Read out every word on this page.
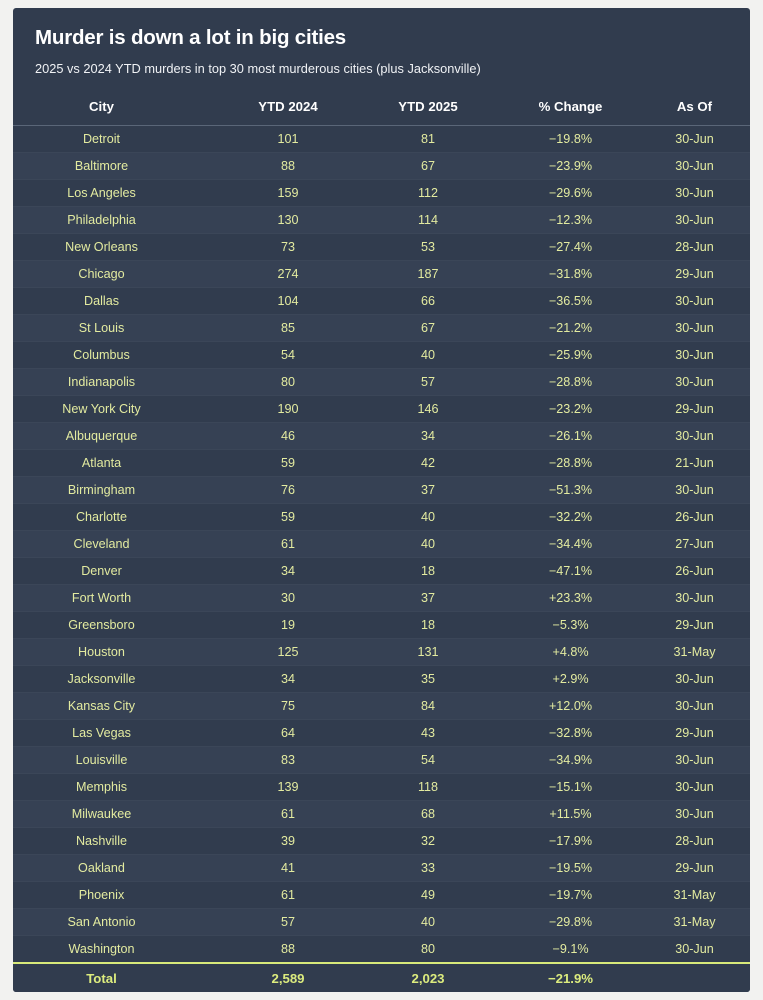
Murder is down a lot in big cities
2025 vs 2024 YTD murders in top 30 most murderous cities (plus Jacksonville)
City	YTD 2024	YTD 2025	% Change	As Of
Detroit	101	81	−19.8%	30-Jun
Baltimore	88	67	−23.9%	30-Jun
Los Angeles	159	112	−29.6%	30-Jun
Philadelphia	130	114	−12.3%	30-Jun
New Orleans	73	53	−27.4%	28-Jun
Chicago	274	187	−31.8%	29-Jun
Dallas	104	66	−36.5%	30-Jun
St Louis	85	67	−21.2%	30-Jun
Columbus	54	40	−25.9%	30-Jun
Indianapolis	80	57	−28.8%	30-Jun
New York City	190	146	−23.2%	29-Jun
Albuquerque	46	34	−26.1%	30-Jun
Atlanta	59	42	−28.8%	21-Jun
Birmingham	76	37	−51.3%	30-Jun
Charlotte	59	40	−32.2%	26-Jun
Cleveland	61	40	−34.4%	27-Jun
Denver	34	18	−47.1%	26-Jun
Fort Worth	30	37	+23.3%	30-Jun
Greensboro	19	18	−5.3%	29-Jun
Houston	125	131	+4.8%	31-May
Jacksonville	34	35	+2.9%	30-Jun
Kansas City	75	84	+12.0%	30-Jun
Las Vegas	64	43	−32.8%	29-Jun
Louisville	83	54	−34.9%	30-Jun
Memphis	139	118	−15.1%	30-Jun
Milwaukee	61	68	+11.5%	30-Jun
Nashville	39	32	−17.9%	28-Jun
Oakland	41	33	−19.5%	29-Jun
Phoenix	61	49	−19.7%	31-May
San Antonio	57	40	−29.8%	31-May
Washington	88	80	−9.1%	30-Jun
Total	2,589	2,023	−21.9%	
